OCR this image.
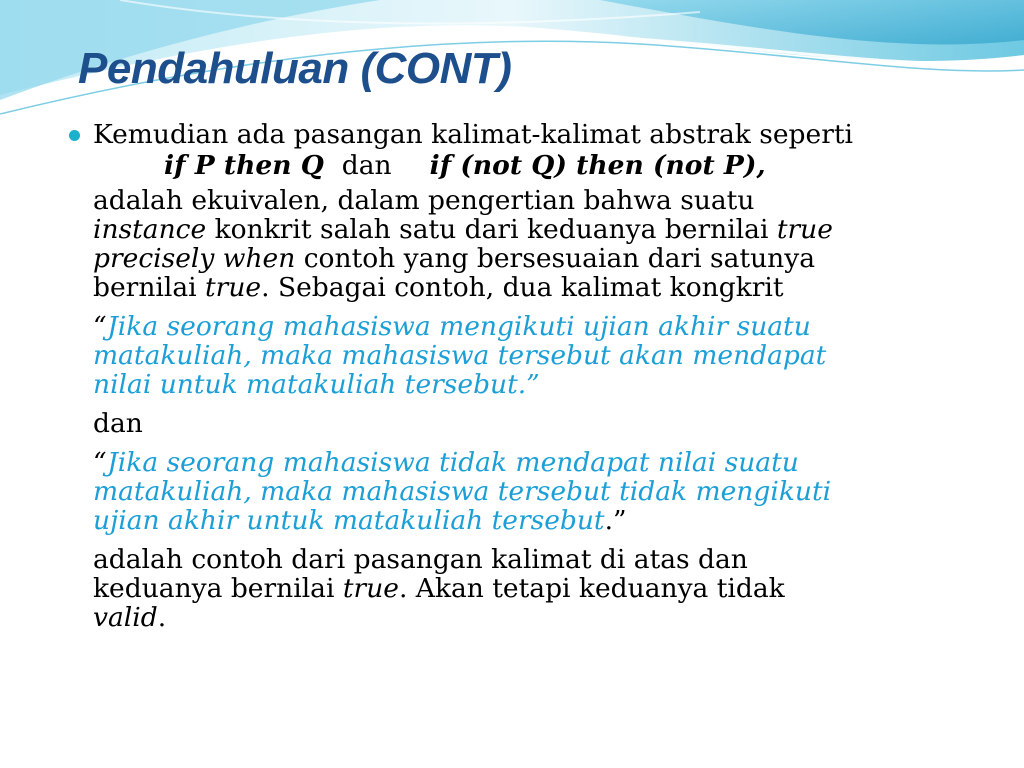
Pendahuluan (CONT)
Kemudian ada pasangan kalimat-kalimat abstrak seperti
if P then Q dan if (not Q) then (not P),
adalah ekuivalen, dalam pengertian bahwa suatu
instance konkrit salah satu dari keduanya bernilai true
precisely when contoh yang bersesuaian dari satunya
bernilai true. Sebagai contoh, dua kalimat kongkrit
“Jika seorang mahasiswa mengikuti ujian akhir suatu
matakuliah, maka mahasiswa tersebut akan mendapat
nilai untuk matakuliah tersebut.”
dan
“Jika seorang mahasiswa tidak mendapat nilai suatu
matakuliah, maka mahasiswa tersebut tidak mengikuti
ujian akhir untuk matakuliah tersebut.”
adalah contoh dari pasangan kalimat di atas dan
keduanya bernilai true. Akan tetapi keduanya tidak
valid.
